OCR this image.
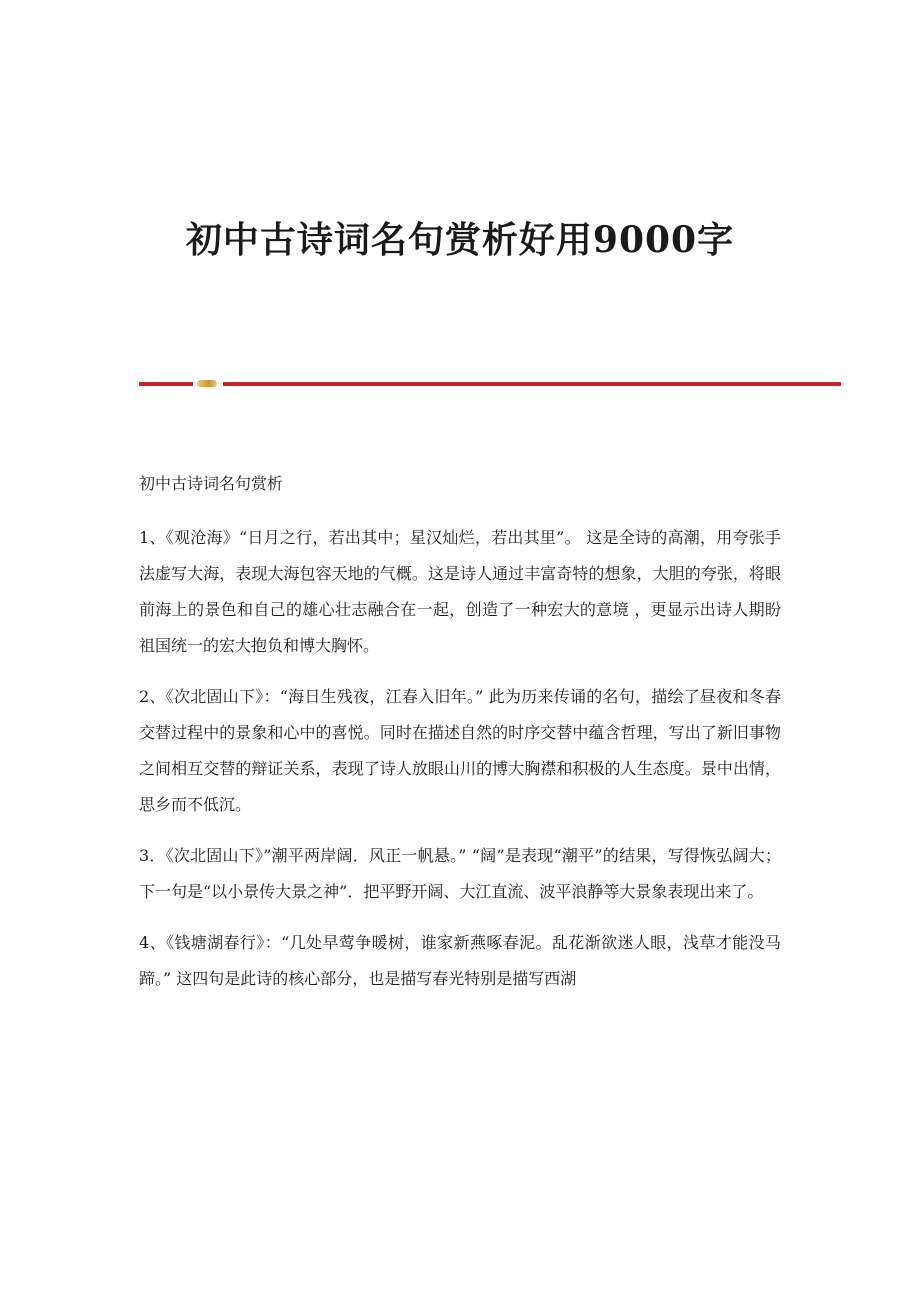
初中古诗词名句赏析好用9000字
初中古诗词名句赏析

1、《观沧海》“日月之行，若出其中；星汉灿烂，若出其里”。 这是全诗的高潮，用夸张手法虚写大海，表现大海包容天地的气概。这是诗人通过丰富奇特的想象，大胆的夸张，将眼前海上的景色和自己的雄心壮志融合在一起，创造了一种宏大的意境 ，更显示出诗人期盼祖国统一的宏大抱负和博大胸怀。

2、《次北固山下》：“海日生残夜，江春入旧年。” 此为历来传诵的名句，描绘了昼夜和冬春交替过程中的景象和心中的喜悦。同时在描述自然的时序交替中蕴含哲理，写出了新旧事物之间相互交替的辩证关系，表现了诗人放眼山川的博大胸襟和积极的人生态度。景中出情，思乡而不低沉。

3．《次北固山下》”潮平两岸阔．风正一帆悬。” “阔”是表现“潮平”的结果，写得恢弘阔大；下一句是“以小景传大景之神”．把平野开阔、大江直流、波平浪静等大景象表现出来了。

4、《钱塘湖春行》：“几处早莺争暖树，谁家新燕啄春泥。乱花渐欲迷人眼，浅草才能没马蹄。” 这四句是此诗的核心部分，也是描写春光特别是描写西湖
